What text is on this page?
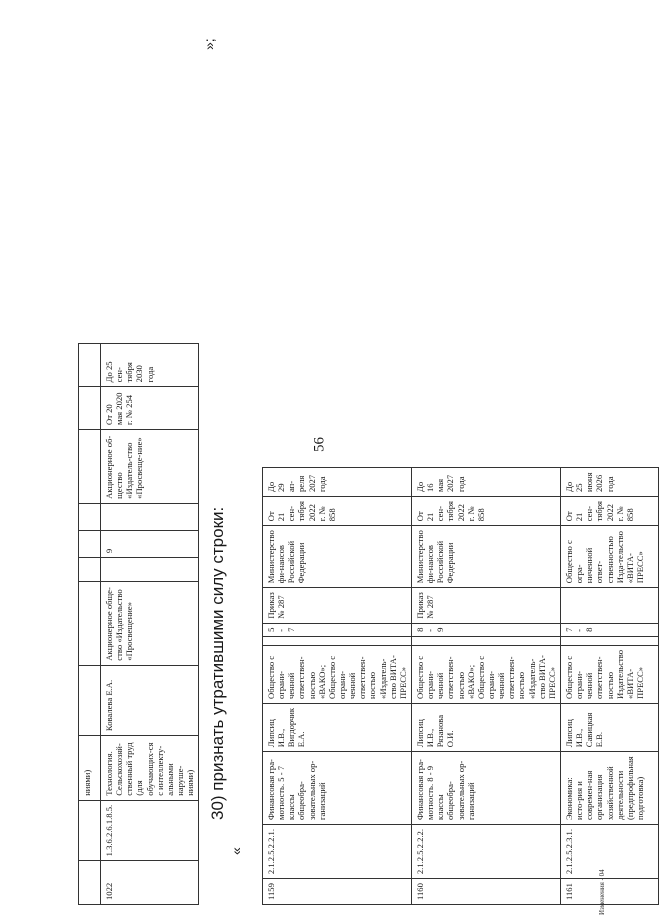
56
»;
		ниями)								
1022	1.3.6.2.6.1.8.5.	Технология. Сельскохозяй-ственный труд (для обучающих-ся с интеллекту-альными наруше-ниями)	Ковалева Е.А.	Акционерное обще-ство «Издательство «Просвещение»		9		Акционерное об-щество «Издатель-ство «Просвеще-ние»	От 20 мая 2020 г. № 254	До 25 сен-тября 2030 года
30) признать утратившими силу строки:
«
1159	2.1.2.5.2.2.1.	Финансовая гра-мотность. 5 - 7 классы общеобра-зовательных ор-ганизаций	Липсиц И.В., Вигдорчик Е.А.	Общество с ограни-ченной ответствен-ностью «ВАКО»; Общество с ограни-ченной ответствен-ностью «Издатель-ство ВИТА-ПРЕСС»		5 - 7	Приказ № 287	Министерство фи-нансов Российской Федерации	От 21 сен-тября 2022 г. № 858	До 29 ап-реля 2027 года
1160	2.1.2.5.2.2.2.	Финансовая гра-мотность. 8 - 9 классы общеобра-зовательных ор-ганизаций	Липсиц И.В., Рязанова О.И.	Общество с ограни-ченной ответствен-ностью «ВАКО»; Общество с ограни-ченной ответствен-ностью «Издатель-ство ВИТА-ПРЕСС»		8 - 9	Приказ № 287	Министерство фи-нансов Российской Федерации	От 21 сен-тября 2022 г. № 858	До 16 мая 2027 года
1161	2.1.2.5.2.3.1.	Экономика: исто-рия и современ-ная организация хозяйственной деятельности (предпрофильная подготовка)	Липсиц И.В., Савицкая Е.В.	Общество с ограни-ченной ответствен-ностью Издательство «ВИТА-ПРЕСС»		7 - 8		Общество с огра-ниченной ответ-ственностью Изда-тельство «ВИТА-ПРЕСС»	От 21 сен-тября 2022 г. № 858	До 25 июня 2026 года
Изменения - 04
